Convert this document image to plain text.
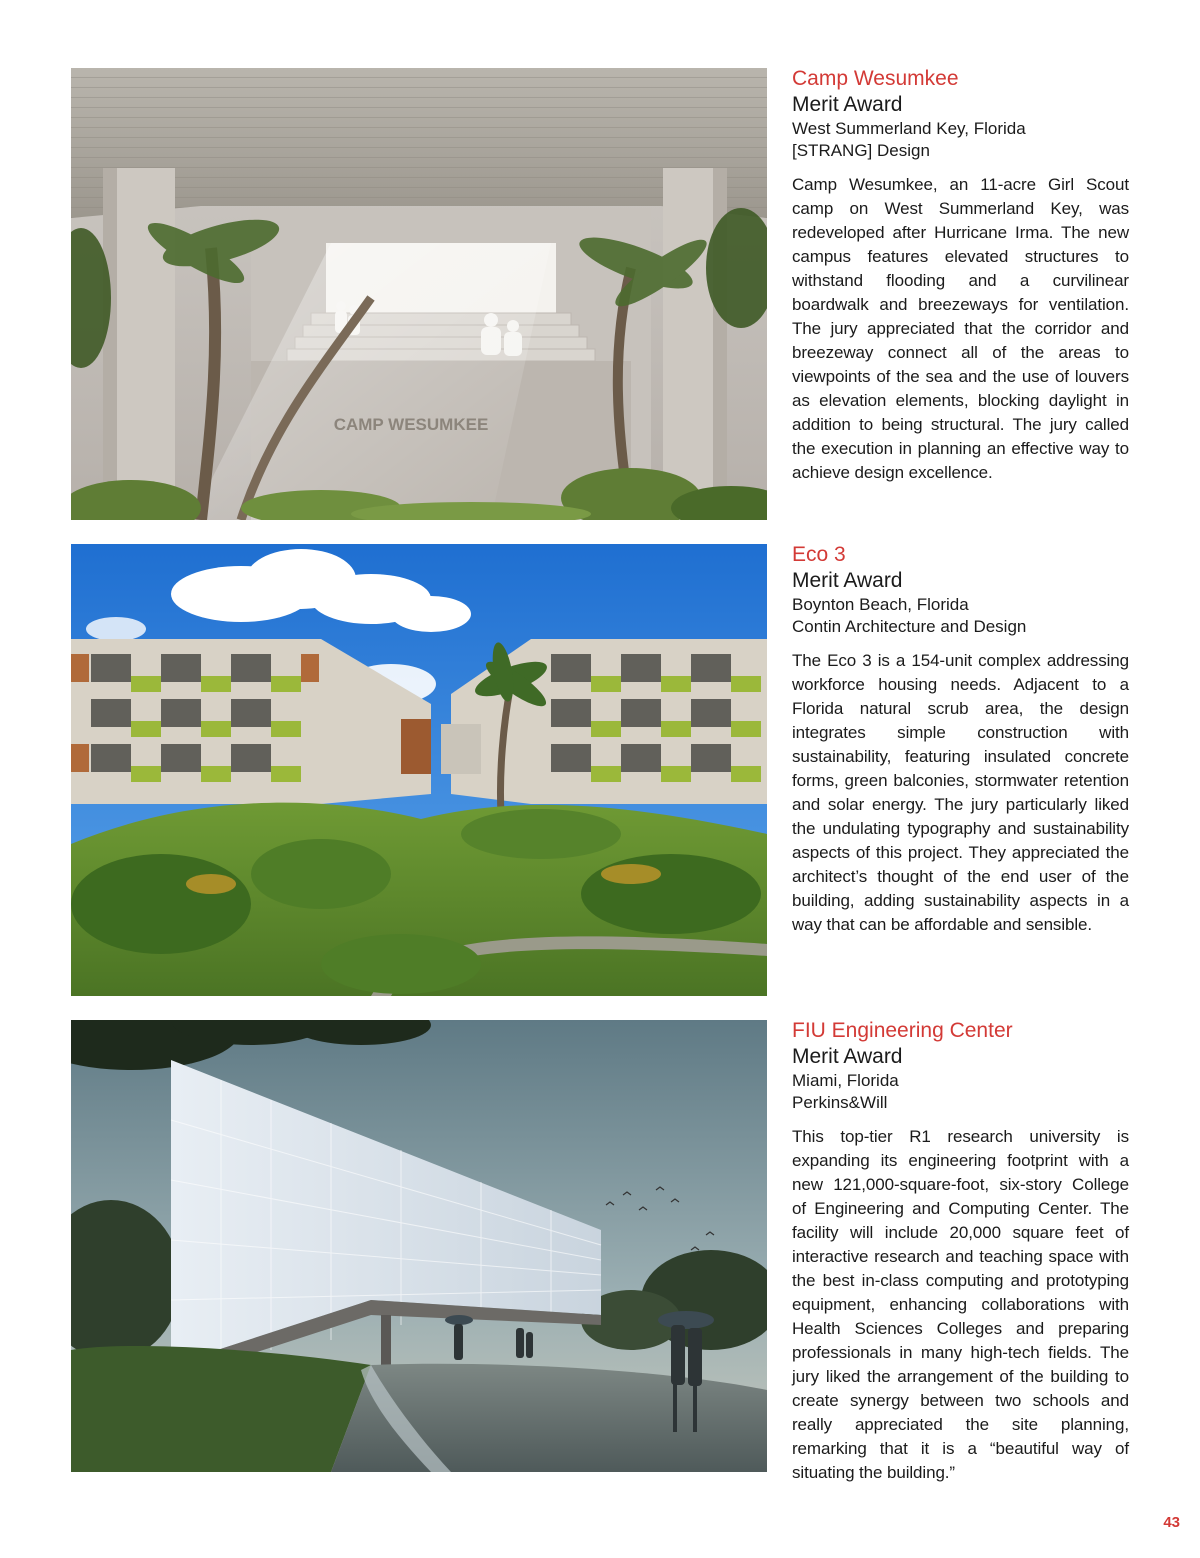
CAMP WESUMKEE
Camp Wesumkee

Merit Award

West Summerland Key, Florida

[STRANG] Design

Camp Wesumkee, an 11-acre Girl Scout camp on West Summerland Key, was redeveloped after Hurricane Irma. The new campus features elevated structures to withstand flooding and a curvilinear boardwalk and breezeways for ventilation. The jury appreciated that the corridor and breezeway connect all of the areas to viewpoints of the sea and the use of louvers as elevation elements, blocking daylight in addition to being structural. The jury called the execution in planning an effective way to achieve design excellence.

Eco 3

Merit Award

Boynton Beach, Florida

Contin Architecture and Design

The Eco 3 is a 154-unit complex addressing workforce housing needs. Adjacent to a Florida natural scrub area, the design integrates simple construction with sustainability, featuring insulated concrete forms, green balconies, stormwater retention and solar energy. The jury particularly liked the undulating typography and sustainability aspects of this project. They appreciated the architect’s thought of the end user of the building, adding sustainability aspects in a way that can be affordable and sensible.

FIU Engineering Center

Merit Award

Miami, Florida

Perkins&Will

This top-tier R1 research university is expanding its engineering footprint with a new 121,000-square-foot, six-story College of Engineering and Computing Center. The facility will include 20,000 square feet of interactive research and teaching space with the best in-class computing and prototyping equipment, enhancing collaborations with Health Sciences Colleges and preparing professionals in many high-tech fields. The jury liked the arrangement of the building to create synergy between two schools and really appreciated the site planning, remarking that it is a “beautiful way of situating the building.”

43
